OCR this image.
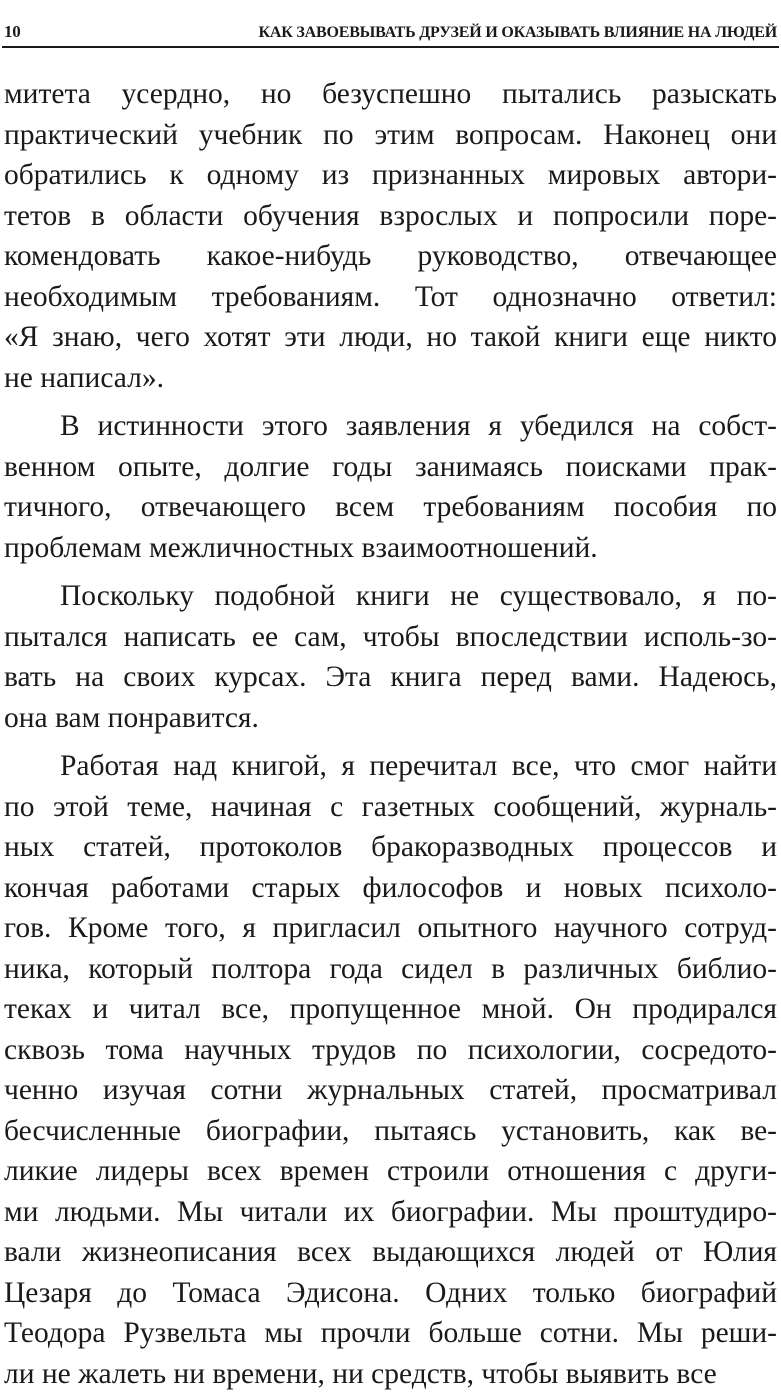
10	КАК ЗАВОЕВЫВАТЬ ДРУЗЕЙ И ОКАЗЫВАТЬ ВЛИЯНИЕ НА ЛЮДЕЙ
митета усердно, но безуспешно пытались разыскать
практический учебник по этим вопросам. Наконец они
обратились к одному из признанных мировых автори-
тетов в области обучения взрослых и попросили поре-
комендовать какое-нибудь руководство, отвечающее
необходимым требованиям. Тот однозначно ответил:
«Я знаю, чего хотят эти люди, но такой книги еще никто
не написал».
В истинности этого заявления я убедился на собст-
венном опыте, долгие годы занимаясь поисками прак-
тичного, отвечающего всем требованиям пособия по
проблемам межличностных взаимоотношений.
Поскольку подобной книги не существовало, я по-
пытался написать ее сам, чтобы впоследствии исполь-зо-
вать на своих курсах. Эта книга перед вами. Надеюсь,
она вам понравится.
Работая над книгой, я перечитал все, что смог найти
по этой теме, начиная с газетных сообщений, журналь-
ных статей, протоколов бракоразводных процессов и
кончая работами старых философов и новых психоло-
гов. Кроме того, я пригласил опытного научного сотруд-
ника, который полтора года сидел в различных библио-
теках и читал все, пропущенное мной. Он продирался
сквозь тома научных трудов по психологии, сосредото-
ченно изучая сотни журнальных статей, просматривал
бесчисленные биографии, пытаясь установить, как ве-
ликие лидеры всех времен строили отношения с други-
ми людьми. Мы читали их биографии. Мы проштудиро-
вали жизнеописания всех выдающихся людей от Юлия
Цезаря до Томаса Эдисона. Одних только биографий
Теодора Рузвельта мы прочли больше сотни. Мы реши-
ли не жалеть ни времени, ни средств, чтобы выявить все
